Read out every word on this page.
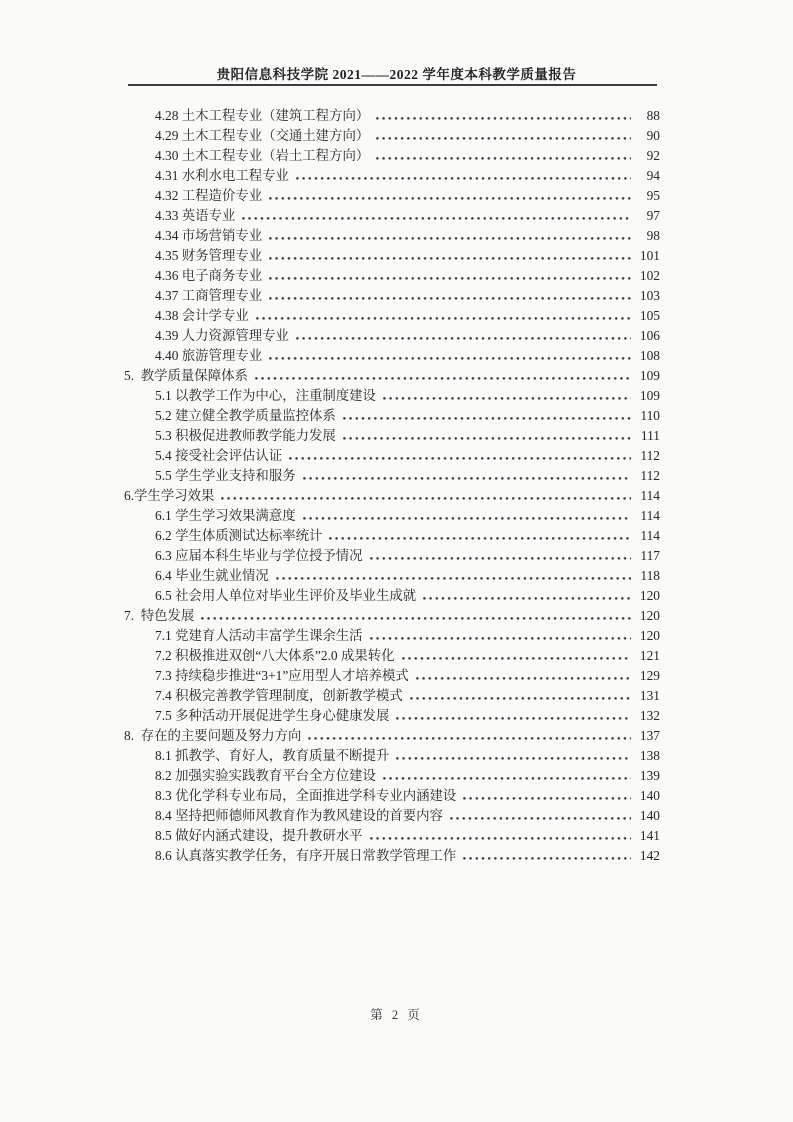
贵阳信息科技学院 2021——2022 学年度本科教学质量报告
4.28 土木工程专业（建筑工程方向）	88
4.29 土木工程专业（交通土建方向）	90
4.30 土木工程专业（岩土工程方向）	92
4.31 水利水电工程专业	94
4.32 工程造价专业	95
4.33 英语专业	97
4.34 市场营销专业	98
4.35 财务管理专业	101
4.36 电子商务专业	102
4.37 工商管理专业	103
4.38 会计学专业	105
4.39 人力资源管理专业	106
4.40 旅游管理专业	108
5.  教学质量保障体系	109
5.1 以教学工作为中心，注重制度建设	109
5.2 建立健全教学质量监控体系	110
5.3 积极促进教师教学能力发展	111
5.4 接受社会评估认证	112
5.5 学生学业支持和服务	112
6.学生学习效果	114
6.1 学生学习效果满意度	114
6.2 学生体质测试达标率统计	114
6.3 应届本科生毕业与学位授予情况	117
6.4 毕业生就业情况	118
6.5 社会用人单位对毕业生评价及毕业生成就	120
7.  特色发展	120
7.1 党建育人活动丰富学生课余生活	120
7.2 积极推进双创“八大体系”2.0 成果转化	121
7.3 持续稳步推进“3+1”应用型人才培养模式	129
7.4 积极完善教学管理制度，创新教学模式	131
7.5 多种活动开展促进学生身心健康发展	132
8.  存在的主要问题及努力方向	137
8.1 抓教学、育好人，教育质量不断提升	138
8.2 加强实验实践教育平台全方位建设	139
8.3 优化学科专业布局，全面推进学科专业内涵建设	140
8.4 坚持把师德师风教育作为教风建设的首要内容	140
8.5 做好内涵式建设，提升教研水平	141
8.6 认真落实教学任务，有序开展日常教学管理工作	142
第 2 页
